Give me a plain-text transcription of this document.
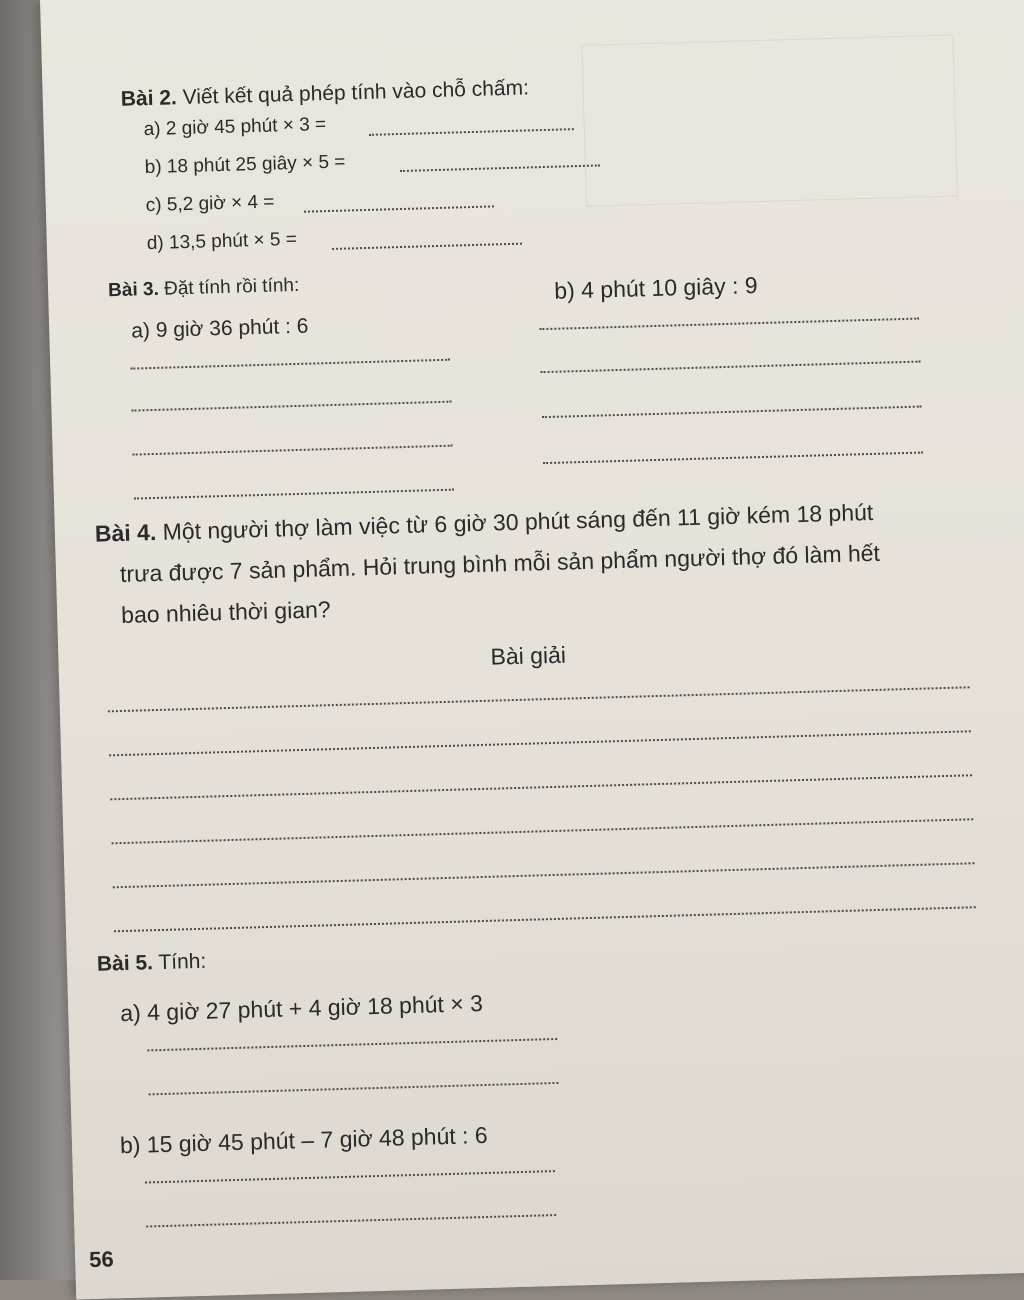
Bài 2. Viết kết quả phép tính vào chỗ chấm:
a) 2 giờ 45 phút × 3 =
b) 18 phút 25 giây × 5 =
c) 5,2 giờ × 4 =
d) 13,5 phút × 5 =
Bài 3. Đặt tính rồi tính:
a) 9 giờ 36 phút : 6
b) 4 phút 10 giây : 9
Bài 4. Một người thợ làm việc từ 6 giờ 30 phút sáng đến 11 giờ kém 18 phút
trưa được 7 sản phẩm. Hỏi trung bình mỗi sản phẩm người thợ đó làm hết
bao nhiêu thời gian?
Bài giải
Bài 5. Tính:
a) 4 giờ 27 phút + 4 giờ 18 phút × 3
b) 15 giờ 45 phút – 7 giờ 48 phút : 6
56
